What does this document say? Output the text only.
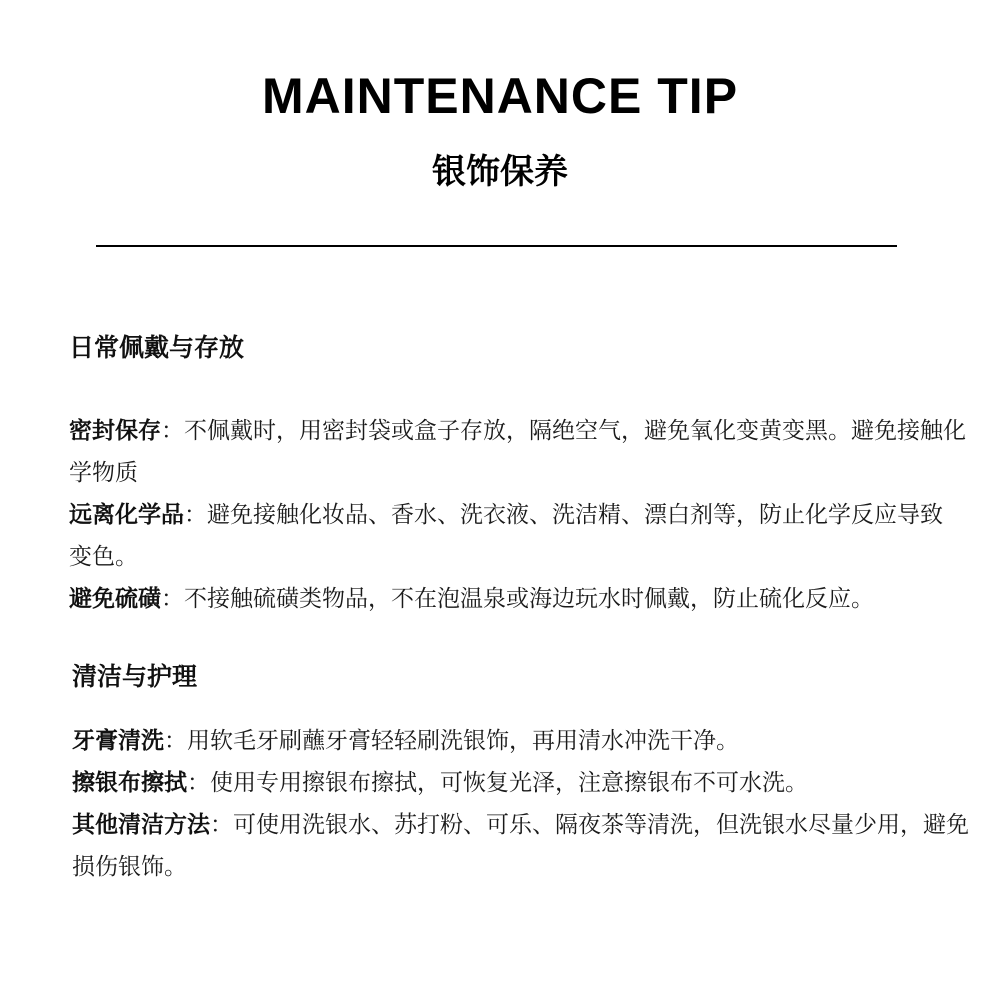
MAINTENANCE TIP
银饰保养
日常佩戴与存放

密封保存：不佩戴时，用密封袋或盒子存放，隔绝空气，避免氧化变黄变黑。避免接触化学物质

远离化学品：避免接触化妆品、香水、洗衣液、洗洁精、漂白剂等，防止化学反应导致变色。

避免硫磺：不接触硫磺类物品，不在泡温泉或海边玩水时佩戴，防止硫化反应。

清洁与护理

牙膏清洗：用软毛牙刷蘸牙膏轻轻刷洗银饰，再用清水冲洗干净。

擦银布擦拭：使用专用擦银布擦拭，可恢复光泽，注意擦银布不可水洗。

其他清洁方法：可使用洗银水、苏打粉、可乐、隔夜茶等清洗，但洗银水尽量少用，避免损伤银饰。
